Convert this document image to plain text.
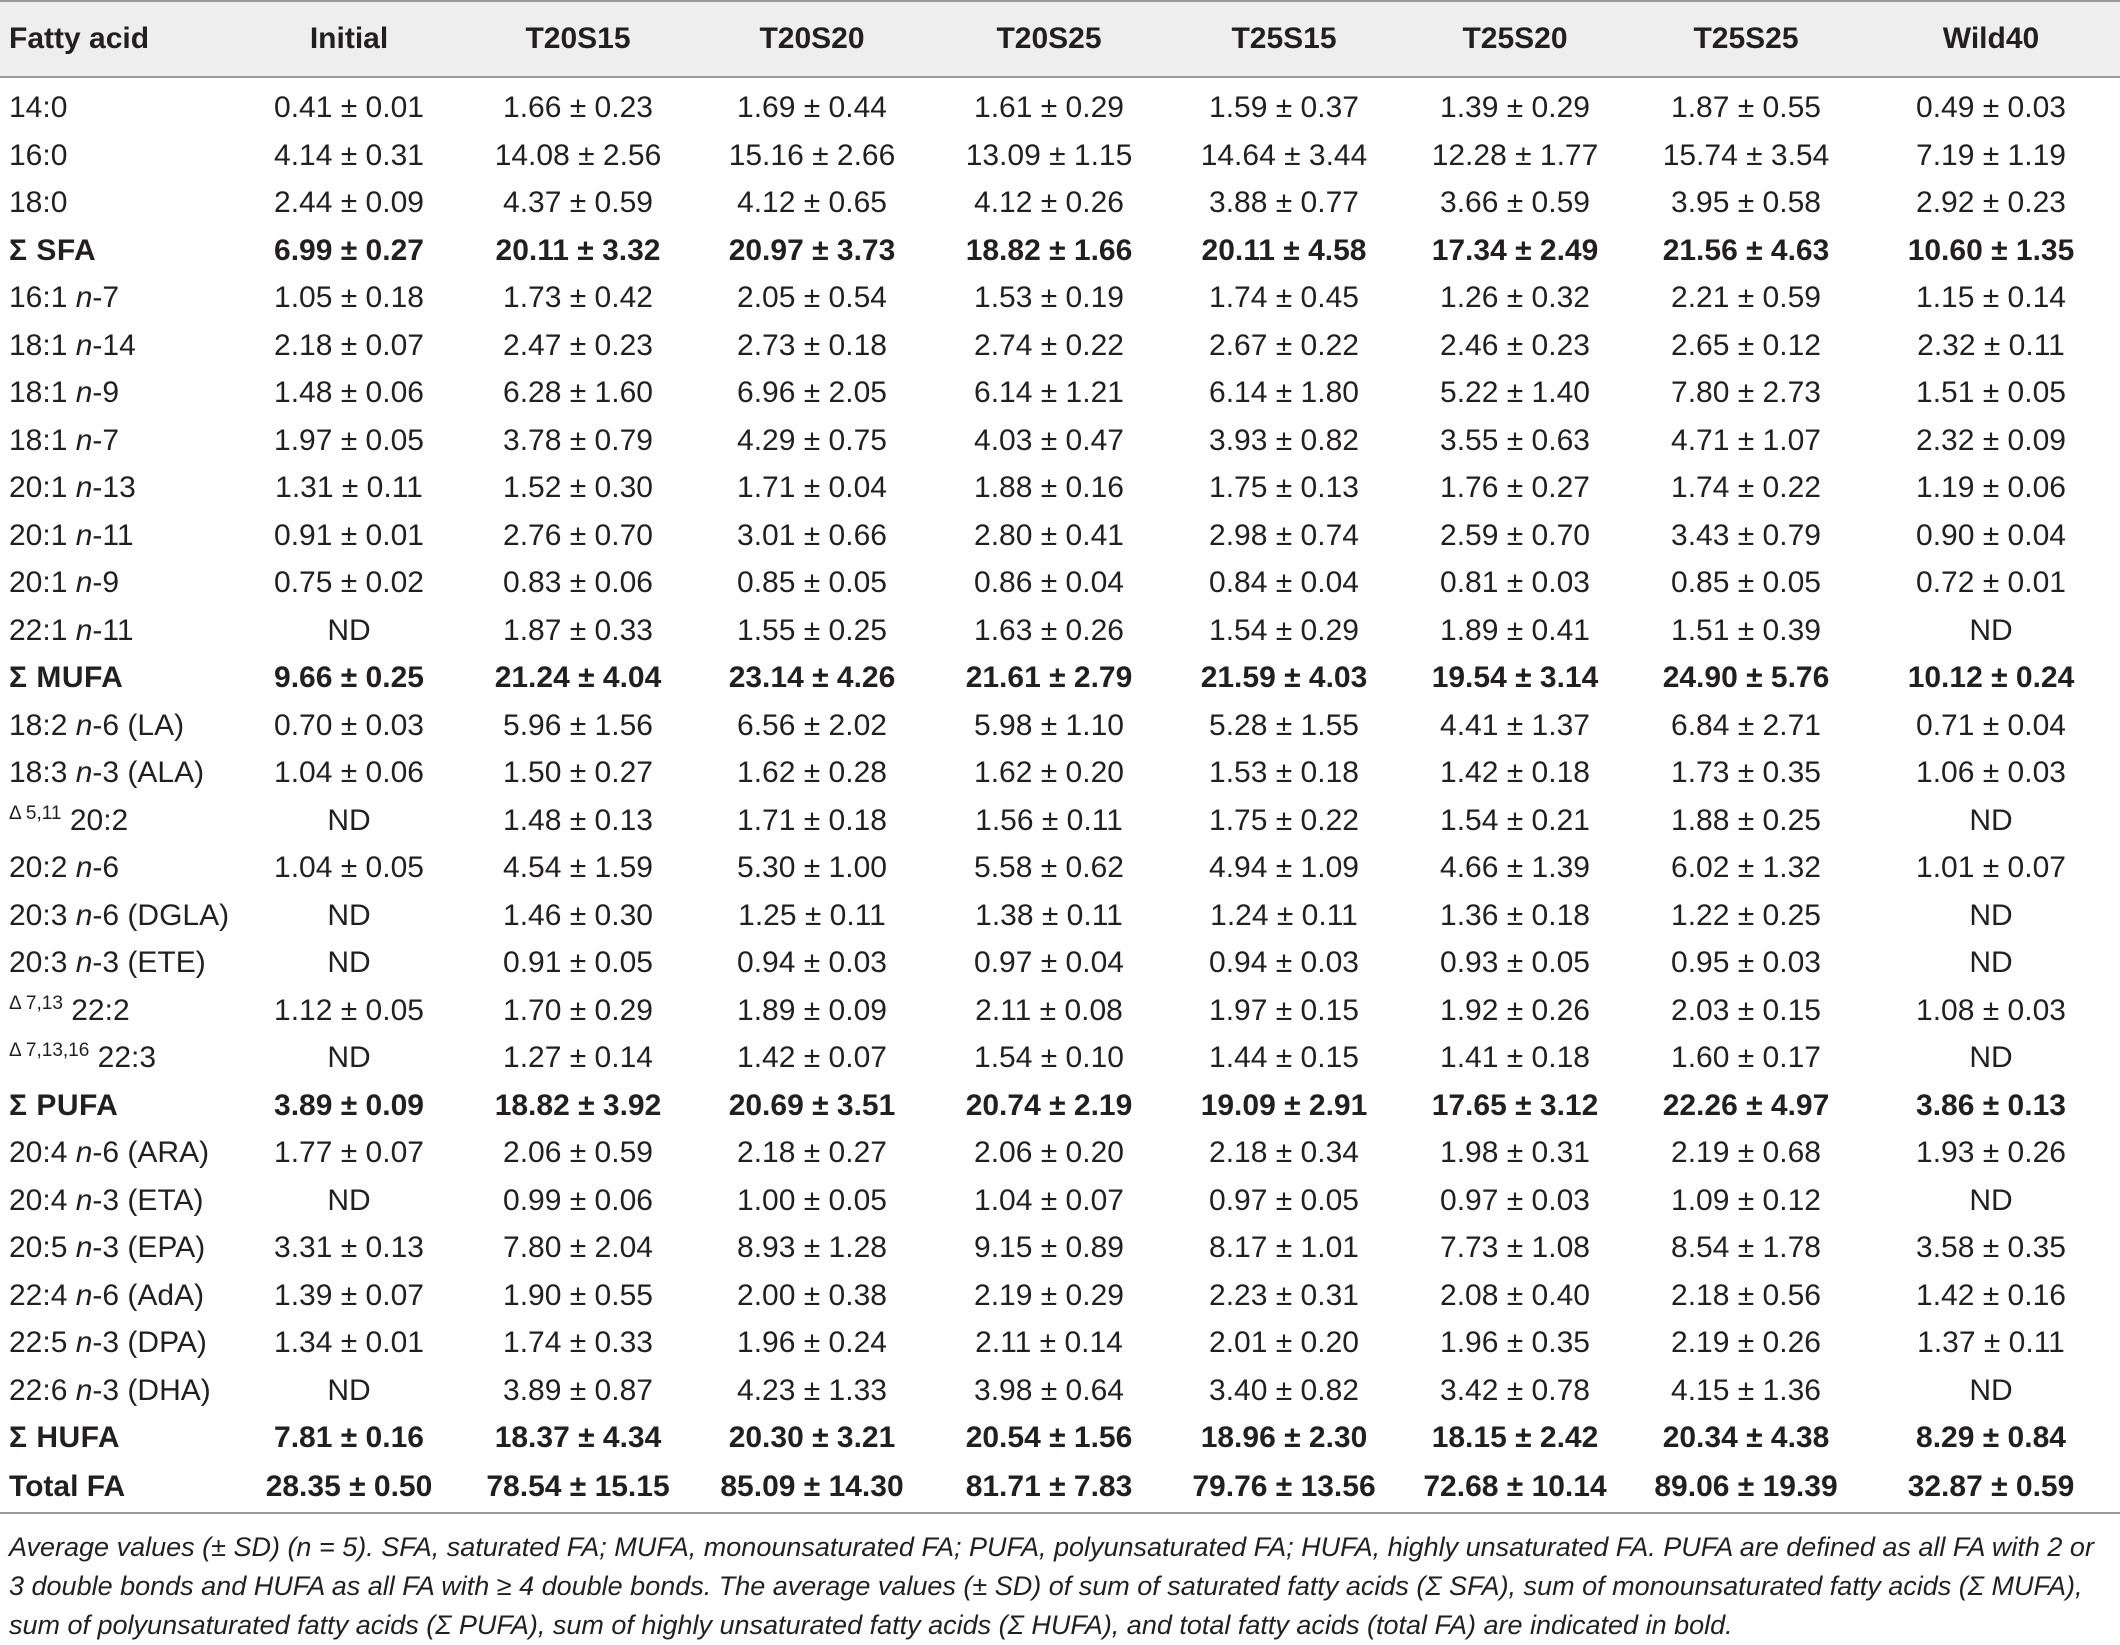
Fatty acid	Initial	T20S15	T20S20	T20S25	T25S15	T25S20	T25S25	Wild40
14:0	0.41 ± 0.01	1.66 ± 0.23	1.69 ± 0.44	1.61 ± 0.29	1.59 ± 0.37	1.39 ± 0.29	1.87 ± 0.55	0.49 ± 0.03
16:0	4.14 ± 0.31	14.08 ± 2.56	15.16 ± 2.66	13.09 ± 1.15	14.64 ± 3.44	12.28 ± 1.77	15.74 ± 3.54	7.19 ± 1.19
18:0	2.44 ± 0.09	4.37 ± 0.59	4.12 ± 0.65	4.12 ± 0.26	3.88 ± 0.77	3.66 ± 0.59	3.95 ± 0.58	2.92 ± 0.23
Σ SFA	6.99 ± 0.27	20.11 ± 3.32	20.97 ± 3.73	18.82 ± 1.66	20.11 ± 4.58	17.34 ± 2.49	21.56 ± 4.63	10.60 ± 1.35
16:1 n-7	1.05 ± 0.18	1.73 ± 0.42	2.05 ± 0.54	1.53 ± 0.19	1.74 ± 0.45	1.26 ± 0.32	2.21 ± 0.59	1.15 ± 0.14
18:1 n-14	2.18 ± 0.07	2.47 ± 0.23	2.73 ± 0.18	2.74 ± 0.22	2.67 ± 0.22	2.46 ± 0.23	2.65 ± 0.12	2.32 ± 0.11
18:1 n-9	1.48 ± 0.06	6.28 ± 1.60	6.96 ± 2.05	6.14 ± 1.21	6.14 ± 1.80	5.22 ± 1.40	7.80 ± 2.73	1.51 ± 0.05
18:1 n-7	1.97 ± 0.05	3.78 ± 0.79	4.29 ± 0.75	4.03 ± 0.47	3.93 ± 0.82	3.55 ± 0.63	4.71 ± 1.07	2.32 ± 0.09
20:1 n-13	1.31 ± 0.11	1.52 ± 0.30	1.71 ± 0.04	1.88 ± 0.16	1.75 ± 0.13	1.76 ± 0.27	1.74 ± 0.22	1.19 ± 0.06
20:1 n-11	0.91 ± 0.01	2.76 ± 0.70	3.01 ± 0.66	2.80 ± 0.41	2.98 ± 0.74	2.59 ± 0.70	3.43 ± 0.79	0.90 ± 0.04
20:1 n-9	0.75 ± 0.02	0.83 ± 0.06	0.85 ± 0.05	0.86 ± 0.04	0.84 ± 0.04	0.81 ± 0.03	0.85 ± 0.05	0.72 ± 0.01
22:1 n-11	ND	1.87 ± 0.33	1.55 ± 0.25	1.63 ± 0.26	1.54 ± 0.29	1.89 ± 0.41	1.51 ± 0.39	ND
Σ MUFA	9.66 ± 0.25	21.24 ± 4.04	23.14 ± 4.26	21.61 ± 2.79	21.59 ± 4.03	19.54 ± 3.14	24.90 ± 5.76	10.12 ± 0.24
18:2 n-6 (LA)	0.70 ± 0.03	5.96 ± 1.56	6.56 ± 2.02	5.98 ± 1.10	5.28 ± 1.55	4.41 ± 1.37	6.84 ± 2.71	0.71 ± 0.04
18:3 n-3 (ALA)	1.04 ± 0.06	1.50 ± 0.27	1.62 ± 0.28	1.62 ± 0.20	1.53 ± 0.18	1.42 ± 0.18	1.73 ± 0.35	1.06 ± 0.03
$^{\Delta 5,11}$ 20:2	ND	1.48 ± 0.13	1.71 ± 0.18	1.56 ± 0.11	1.75 ± 0.22	1.54 ± 0.21	1.88 ± 0.25	ND
20:2 n-6	1.04 ± 0.05	4.54 ± 1.59	5.30 ± 1.00	5.58 ± 0.62	4.94 ± 1.09	4.66 ± 1.39	6.02 ± 1.32	1.01 ± 0.07
20:3 n-6 (DGLA)	ND	1.46 ± 0.30	1.25 ± 0.11	1.38 ± 0.11	1.24 ± 0.11	1.36 ± 0.18	1.22 ± 0.25	ND
20:3 n-3 (ETE)	ND	0.91 ± 0.05	0.94 ± 0.03	0.97 ± 0.04	0.94 ± 0.03	0.93 ± 0.05	0.95 ± 0.03	ND
$^{\Delta 7,13}$ 22:2	1.12 ± 0.05	1.70 ± 0.29	1.89 ± 0.09	2.11 ± 0.08	1.97 ± 0.15	1.92 ± 0.26	2.03 ± 0.15	1.08 ± 0.03
$^{\Delta 7,13,16}$ 22:3	ND	1.27 ± 0.14	1.42 ± 0.07	1.54 ± 0.10	1.44 ± 0.15	1.41 ± 0.18	1.60 ± 0.17	ND
Σ PUFA	3.89 ± 0.09	18.82 ± 3.92	20.69 ± 3.51	20.74 ± 2.19	19.09 ± 2.91	17.65 ± 3.12	22.26 ± 4.97	3.86 ± 0.13
20:4 n-6 (ARA)	1.77 ± 0.07	2.06 ± 0.59	2.18 ± 0.27	2.06 ± 0.20	2.18 ± 0.34	1.98 ± 0.31	2.19 ± 0.68	1.93 ± 0.26
20:4 n-3 (ETA)	ND	0.99 ± 0.06	1.00 ± 0.05	1.04 ± 0.07	0.97 ± 0.05	0.97 ± 0.03	1.09 ± 0.12	ND
20:5 n-3 (EPA)	3.31 ± 0.13	7.80 ± 2.04	8.93 ± 1.28	9.15 ± 0.89	8.17 ± 1.01	7.73 ± 1.08	8.54 ± 1.78	3.58 ± 0.35
22:4 n-6 (AdA)	1.39 ± 0.07	1.90 ± 0.55	2.00 ± 0.38	2.19 ± 0.29	2.23 ± 0.31	2.08 ± 0.40	2.18 ± 0.56	1.42 ± 0.16
22:5 n-3 (DPA)	1.34 ± 0.01	1.74 ± 0.33	1.96 ± 0.24	2.11 ± 0.14	2.01 ± 0.20	1.96 ± 0.35	2.19 ± 0.26	1.37 ± 0.11
22:6 n-3 (DHA)	ND	3.89 ± 0.87	4.23 ± 1.33	3.98 ± 0.64	3.40 ± 0.82	3.42 ± 0.78	4.15 ± 1.36	ND
Σ HUFA	7.81 ± 0.16	18.37 ± 4.34	20.30 ± 3.21	20.54 ± 1.56	18.96 ± 2.30	18.15 ± 2.42	20.34 ± 4.38	8.29 ± 0.84
Total FA	28.35 ± 0.50	78.54 ± 15.15	85.09 ± 14.30	81.71 ± 7.83	79.76 ± 13.56	72.68 ± 10.14	89.06 ± 19.39	32.87 ± 0.59
Average values (± SD) (n = 5). SFA, saturated FA; MUFA, monounsaturated FA; PUFA, polyunsaturated FA; HUFA, highly unsaturated FA. PUFA are defined as all FA with 2 or 3 double bonds and HUFA as all FA with ≥ 4 double bonds. The average values (± SD) of sum of saturated fatty acids (Σ SFA), sum of monounsaturated fatty acids (Σ MUFA), sum of polyunsaturated fatty acids (Σ PUFA), sum of highly unsaturated fatty acids (Σ HUFA), and total fatty acids (total FA) are indicated in bold.
